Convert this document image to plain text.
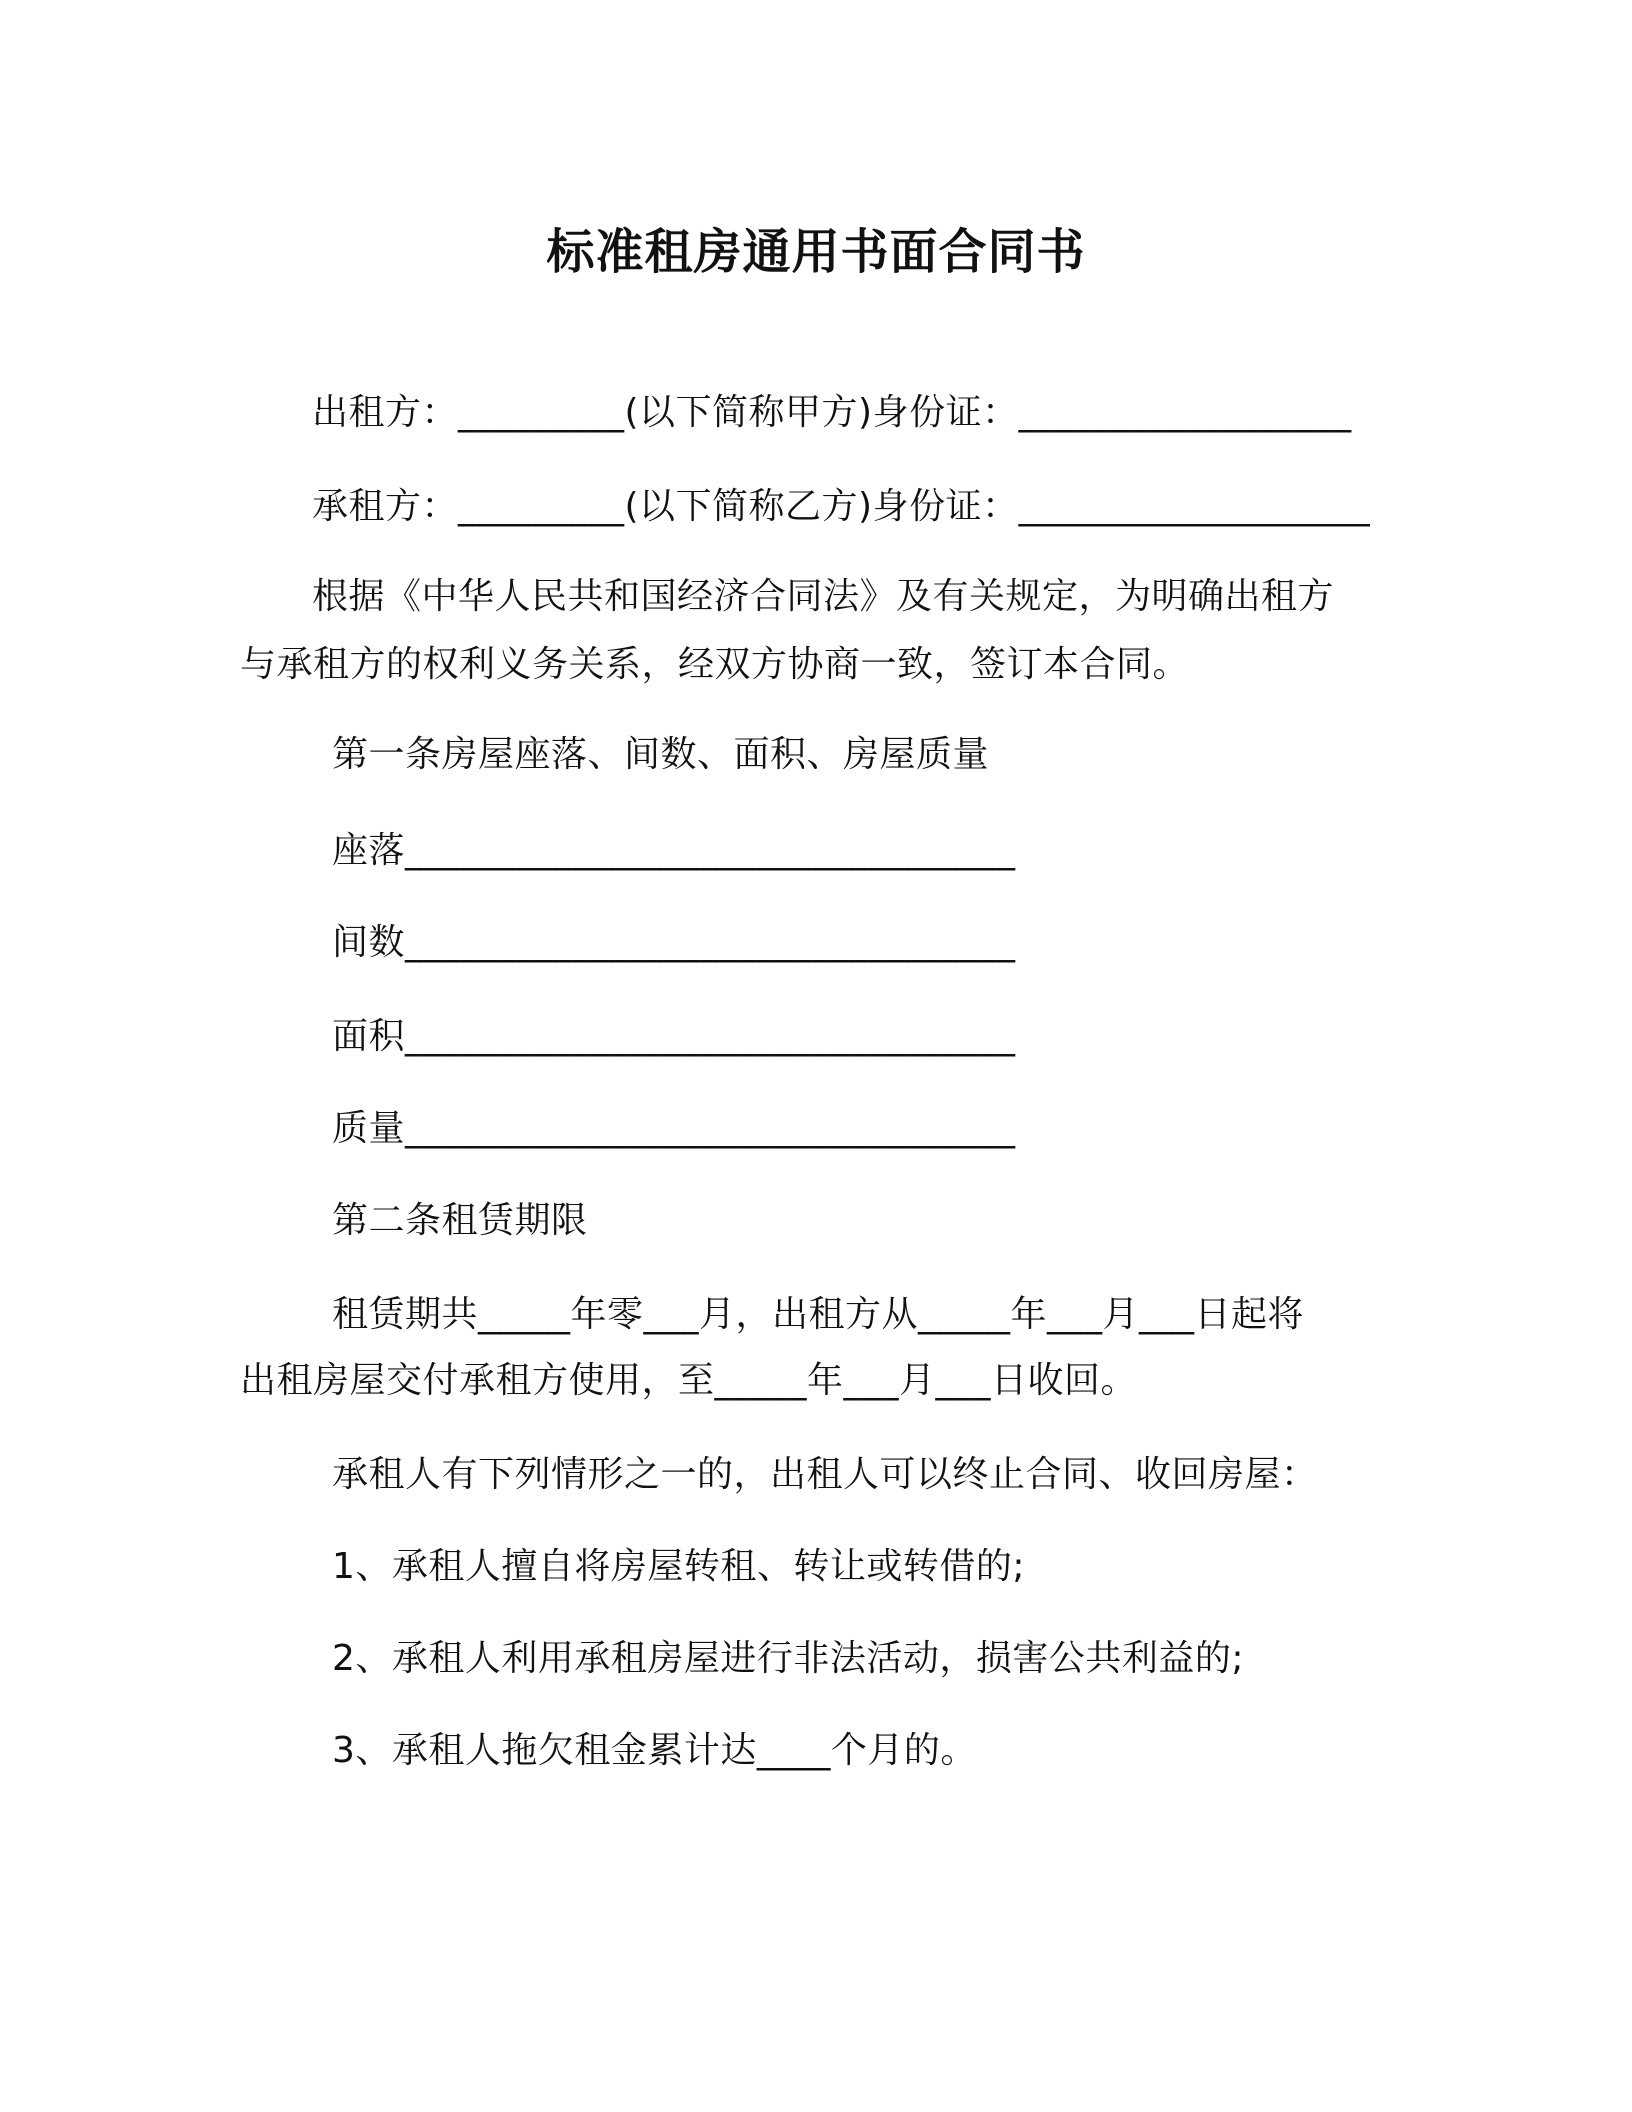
标准租房通用书面合同书
出租方：_________(以下简称甲方)身份证：__________________
承租方：_________(以下简称乙方)身份证：___________________
根据《中华人民共和国经济合同法》及有关规定，为明确出租方
与承租方的权利义务关系，经双方协商一致，签订本合同。
第一条房屋座落、间数、面积、房屋质量
座落_________________________________
间数_________________________________
面积_________________________________
质量_________________________________
第二条租赁期限
租赁期共_____年零___月，出租方从_____年___月___日起将
出租房屋交付承租方使用，至_____年___月___日收回。
承租人有下列情形之一的，出租人可以终止合同、收回房屋：
1、承租人擅自将房屋转租、转让或转借的;
2、承租人利用承租房屋进行非法活动，损害公共利益的;
3、承租人拖欠租金累计达____个月的。
